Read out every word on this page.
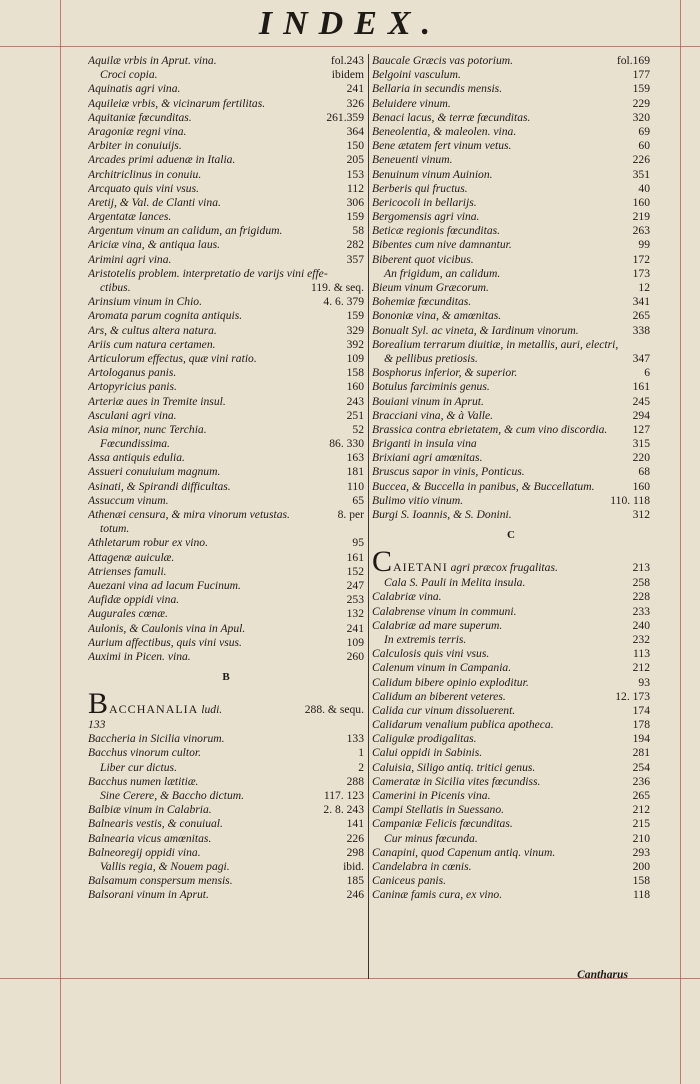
INDEX.
Aquilæ vrbis in Aprut. vina.	fol.243
Croci copia.	ibidem
Aquinatis agri vina.	241
Aquileiæ vrbis, & vicinarum fertilitas.	326
Aquitaniæ fœcunditas.	261.359
Aragoniæ regni vina.	364
Arbiter in conuiuijs.	150
Arcades primi aduenæ in Italia.	205
Architriclinus in conuiu.	153
Arcquato quis vini vsus.	112
Aretij, & Val. de Clanti vina.	306
Argentatæ lances.	159
Argentum vinum an calidum, an frigidum.	58
Ariciæ vina, & antiqua laus.	282
Arimini agri vina.	357
Aristotelis problem. interpretatio de varijs vini effe-
ctibus.	119. & seq.
Arinsium vinum in Chio.	4. 6. 379
Aromata parum cognita antiquis.	159
Ars, & cultus altera natura.	329
Ariis cum natura certamen.	392
Articulorum effectus, quæ vini ratio.	109
Artologanus panis.	158
Artopyricius panis.	160
Arteriæ aues in Tremite insul.	243
Asculani agri vina.	251
Asia minor, nunc Terchia.	52
Fœcundissima.	86. 330
Assa antiquis edulia.	163
Assueri conuiuium magnum.	181
Asinati, & Spirandi difficultas.	110
Assuccum vinum.	65
Athenæi censura, & mira vinorum vetustas.	8. per
totum.
Athletarum robur ex vino.	95
Attagenæ auiculæ.	161
Atrienses famuli.	152
Auezani vina ad lacum Fucinum.	247
Aufidæ oppidi vina.	253
Augurales cœnæ.	132
Aulonis, & Caulonis vina in Apul.	241
Aurium affectibus, quis vini vsus.	109
Auximi in Picen. vina.	260
B
BACCHANALIA ludi.	288. & sequ.
133
Baccheria in Sicilia vinorum.	133
Bacchus vinorum cultor.	1
Liber cur dictus.	2
Bacchus numen lætitiæ.	288
Sine Cerere, & Baccho dictum.	117. 123
Balbiæ vinum in Calabria.	2. 8. 243
Balnearis vestis, & conuiual.	141
Balnearia vicus amœnitas.	226
Balneoregij oppidi vina.	298
Vallis regia, & Nouem pagi.	ibid.
Balsamum conspersum mensis.	185
Balsorani vinum in Aprut.	246
Baucale Græcis vas potorium.	fol.169
Belgoini vasculum.	177
Bellaria in secundis mensis.	159
Beluidere vinum.	229
Benaci lacus, & terræ fœcunditas.	320
Beneolentia, & maleolen. vina.	69
Bene ætatem fert vinum vetus.	60
Beneuenti vinum.	226
Benuinum vinum Auinion.	351
Berberis qui fructus.	40
Bericocoli in bellarijs.	160
Bergomensis agri vina.	219
Beticæ regionis fœcunditas.	263
Bibentes cum nive damnantur.	99
Biberent quot vicibus.	172
An frigidum, an calidum.	173
Bieum vinum Græcorum.	12
Bohemiæ fœcunditas.	341
Bononiæ vina, & amœnitas.	265
Bonualt Syl. ac vineta, & Iardinum vinorum.	338
Borealium terrarum diuitiæ, in metallis, auri, electri,
& pellibus pretiosis.	347
Bosphorus inferior, & superior.	6
Botulus farciminis genus.	161
Bouiani vinum in Aprut.	245
Bracciani vina, & à Valle.	294
Brassica contra ebrietatem, & cum vino discordia.	127
Briganti in insula vina	315
Brixiani agri amœnitas.	220
Bruscus sapor in vinis, Ponticus.	68
Buccea, & Buccella in panibus, & Buccellatum.	160
Bulimo vitio vinum.	110. 118
Burgi S. Ioannis, & S. Donini.	312
C
CAIETANI agri præcox frugalitas.	213
Cala S. Pauli in Melita insula.	258
Calabriæ vina.	228
Calabrense vinum in communi.	233
Calabriæ ad mare superum.	240
In extremis terris.	232
Calculosis quis vini vsus.	113
Calenum vinum in Campania.	212
Calidum bibere opinio exploditur.	93
Calidum an biberent veteres.	12. 173
Calida cur vinum dissoluerent.	174
Calidarum venalium publica apotheca.	178
Caligulæ prodigalitas.	194
Calui oppidi in Sabinis.	281
Caluisia, Siligo antiq. tritici genus.	254
Cameratæ in Sicilia vites fœcundiss.	236
Camerini in Picenis vina.	265
Campi Stellatis in Suessano.	212
Campaniæ Felicis fœcunditas.	215
Cur minus fœcunda.	210
Canapini, quod Capenum antiq. vinum.	293
Candelabra in cœnis.	200
Caniceus panis.	158
Caninæ famis cura, ex vino.	118
Cantharus
